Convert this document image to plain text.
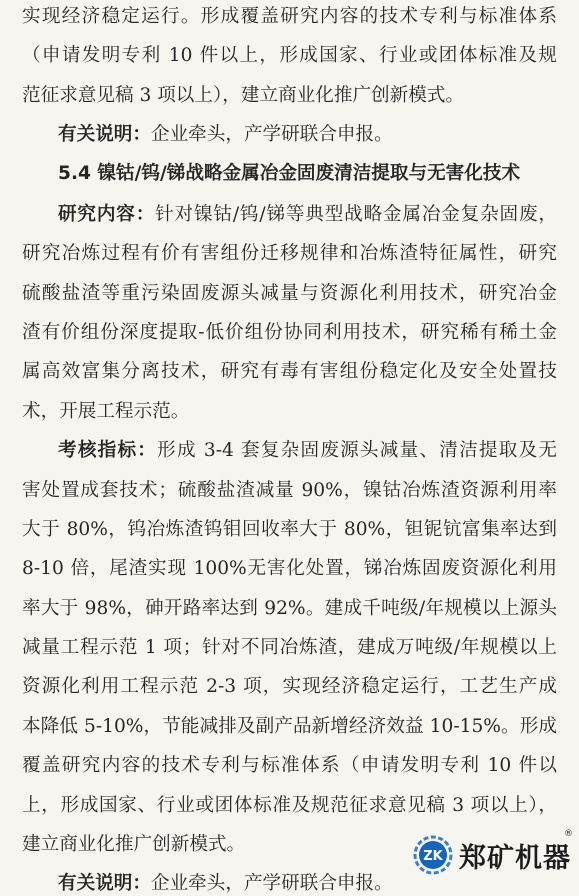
实现经济稳定运行。形成覆盖研究内容的技术专利与标准体系
（申请发明专利 10 件以上，形成国家、行业或团体标准及规
范征求意见稿 3 项以上），建立商业化推广创新模式。
有关说明：企业牵头，产学研联合申报。
5.4 镍钴/钨/锑战略金属冶金固废清洁提取与无害化技术
研究内容：针对镍钴/钨/锑等典型战略金属冶金复杂固废，
研究冶炼过程有价有害组份迁移规律和冶炼渣特征属性，研究
硫酸盐渣等重污染固废源头减量与资源化利用技术，研究冶金
渣有价组份深度提取-低价组份协同利用技术，研究稀有稀土金
属高效富集分离技术，研究有毒有害组份稳定化及安全处置技
术，开展工程示范。
考核指标：形成 3-4 套复杂固废源头减量、清洁提取及无
害处置成套技术；硫酸盐渣减量 90%，镍钴冶炼渣资源利用率
大于 80%，钨冶炼渣钨钼回收率大于 80%，钽铌钪富集率达到
8-10 倍，尾渣实现 100%无害化处置，锑冶炼固废资源化利用
率大于 98%，砷开路率达到 92%。建成千吨级/年规模以上源头
减量工程示范 1 项；针对不同冶炼渣，建成万吨级/年规模以上
资源化利用工程示范 2-3 项，实现经济稳定运行，工艺生产成
本降低 5-10%，节能减排及副产品新增经济效益 10-15%。形成
覆盖研究内容的技术专利与标准体系（申请发明专利 10 件以
上，形成国家、行业或团体标准及规范征求意见稿 3 项以上），
建立商业化推广创新模式。
有关说明：企业牵头，产学研联合申报。
ZK 郑矿机器
®
